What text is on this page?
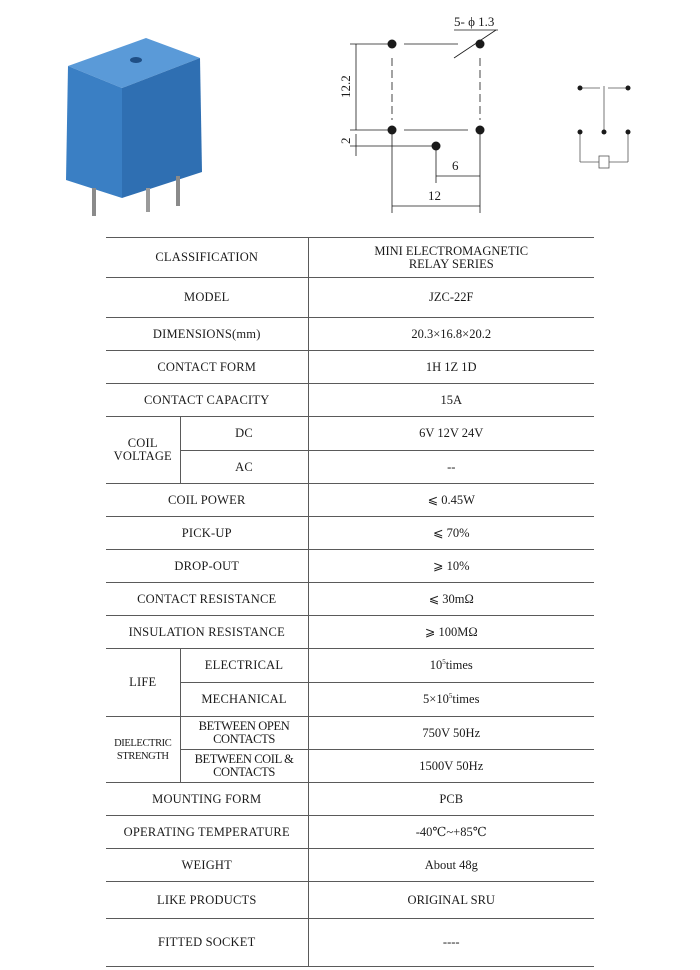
5- ϕ 1.3
12.2
2
6
12
CLASSIFICATION		MINI ELECTROMAGNETIC
RELAY SERIES

MODEL		JZC-22F
DIMENSIONS(mm)		20.3×16.8×20.2
CONTACT FORM		1H 1Z 1D
CONTACT CAPACITY		15A

COIL
VOLTAGE	DC	6V 12V 24V
	AC	--
COIL POWER		⩽ 0.45W
PICK-UP		⩽ 70%
DROP-OUT		⩾ 10%
CONTACT RESISTANCE		⩽ 30mΩ
INSULATION RESISTANCE		⩾ 100MΩ
LIFE	ELECTRICAL	$10^5times$
	MECHANICAL	$5\times 10^5times$

DIELECTRIC
STRENGTH	BETWEEN OPEN CONTACTS	750V 50Hz
	BETWEEN COIL & CONTACTS	1500V 50Hz
MOUNTING FORM		PCB
OPERATING TEMPERATURE		-40℃~+85℃
WEIGHT		About 48g
LIKE PRODUCTS		ORIGINAL SRU
FITTED SOCKET		----
